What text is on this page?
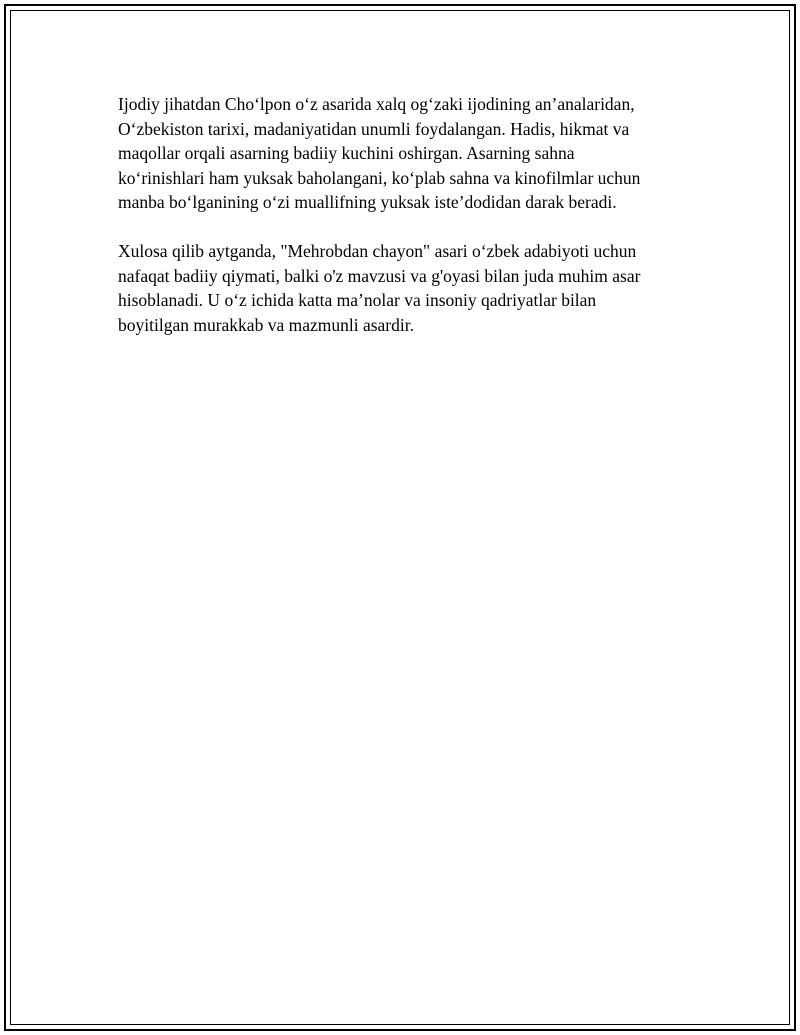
Ijodiy jihatdan Cho‘lpon o‘z asarida xalq og‘zaki ijodining an’analaridan,
O‘zbekiston tarixi, madaniyatidan unumli foydalangan. Hadis, hikmat va
maqollar orqali asarning badiiy kuchini oshirgan. Asarning sahna
ko‘rinishlari ham yuksak baholangani, ko‘plab sahna va kinofilmlar uchun
manba bo‘lganining o‘zi muallifning yuksak iste’dodidan darak beradi.

Xulosa qilib aytganda, "Mehrobdan chayon" asari o‘zbek adabiyoti uchun
nafaqat badiiy qiymati, balki o'z mavzusi va g'oyasi bilan juda muhim asar
hisoblanadi. U o‘z ichida katta ma’nolar va insoniy qadriyatlar bilan
boyitilgan murakkab va mazmunli asardir.
